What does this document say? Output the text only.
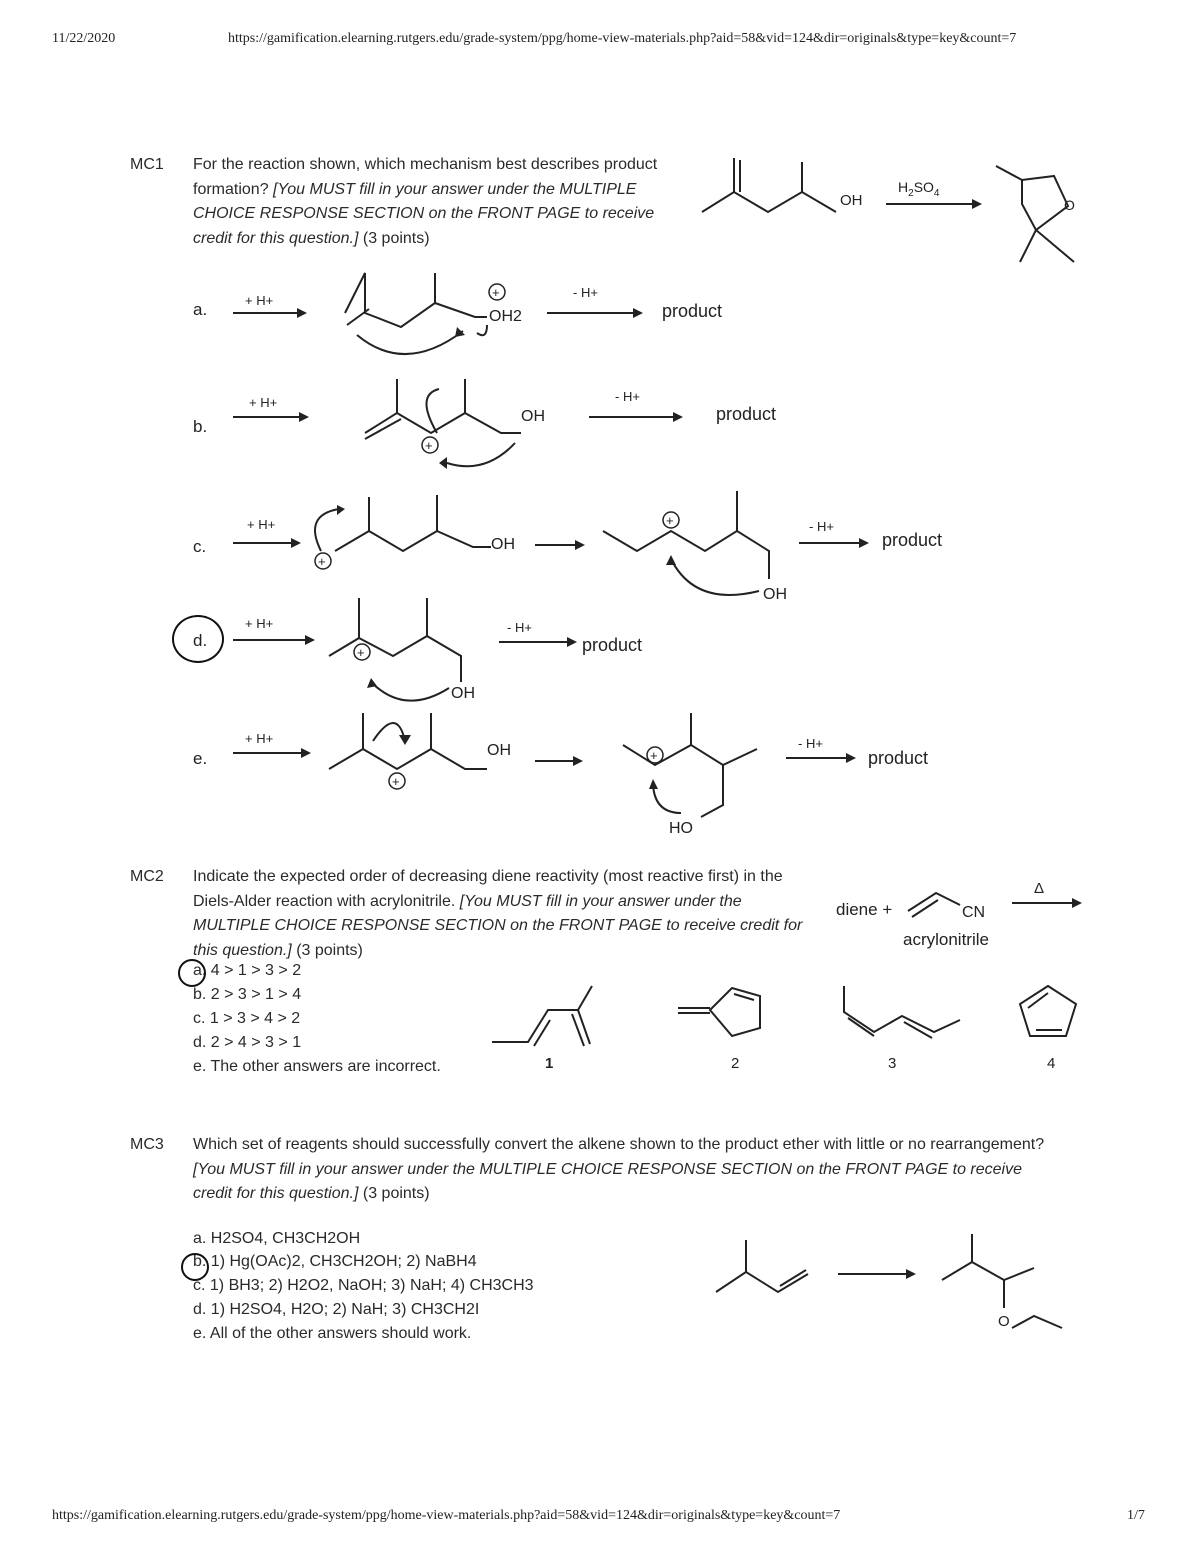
11/22/2020	https://gamification.elearning.rutgers.edu/grade-system/ppg/home-view-materials.php?aid=58&vid=124&dir=originals&type=key&count=7
https://gamification.elearning.rutgers.edu/grade-system/ppg/home-view-materials.php?aid=58&vid=124&dir=originals&type=key&count=7	1/7
MC1 For the reaction shown, which mechanism best describes product formation? [You MUST fill in your answer under the MULTIPLE CHOICE RESPONSE SECTION on the FRONT PAGE to receive credit for this question.] (3 points)
OH	O
$H_2SO_4$
a.
b.
c.
d.
e.
+ H+
- H+
OH2
+
product
+ H+	- H+
OH
+
product
+ H+
OH
+
+	- H+
OH
product
+ H+	- H+
OH
+	product
+ H+
OH
HO
+
+
- H+
product
MC2 Indicate the expected order of decreasing diene reactivity (most reactive first) in the Diels-Alder reaction with acrylonitrile. [You MUST fill in your answer under the MULTIPLE CHOICE RESPONSE SECTION on the FRONT PAGE to receive credit for this question.] (3 points)
a. 4 > 1 > 3 > 2
b. 2 > 3 > 1 > 4
c. 1 > 3 > 4 > 2
d. 2 > 4 > 3 > 1
e. The other answers are incorrect.
diene +
acrylonitrile
CN
Δ
1	2	3	4
MC3 Which set of reagents should successfully convert the alkene shown to the product ether with little or no rearrangement? [You MUST fill in your answer under the MULTIPLE CHOICE RESPONSE SECTION on the FRONT PAGE to receive credit for this question.] (3 points)
a. H2SO4, CH3CH2OH
b. 1) Hg(OAc)2, CH3CH2OH; 2) NaBH4
c. 1) BH3; 2) H2O2, NaOH; 3) NaH; 4) CH3CH3
d. 1) H2SO4, H2O; 2) NaH; 3) CH3CH2I
e. All of the other answers should work.
O
